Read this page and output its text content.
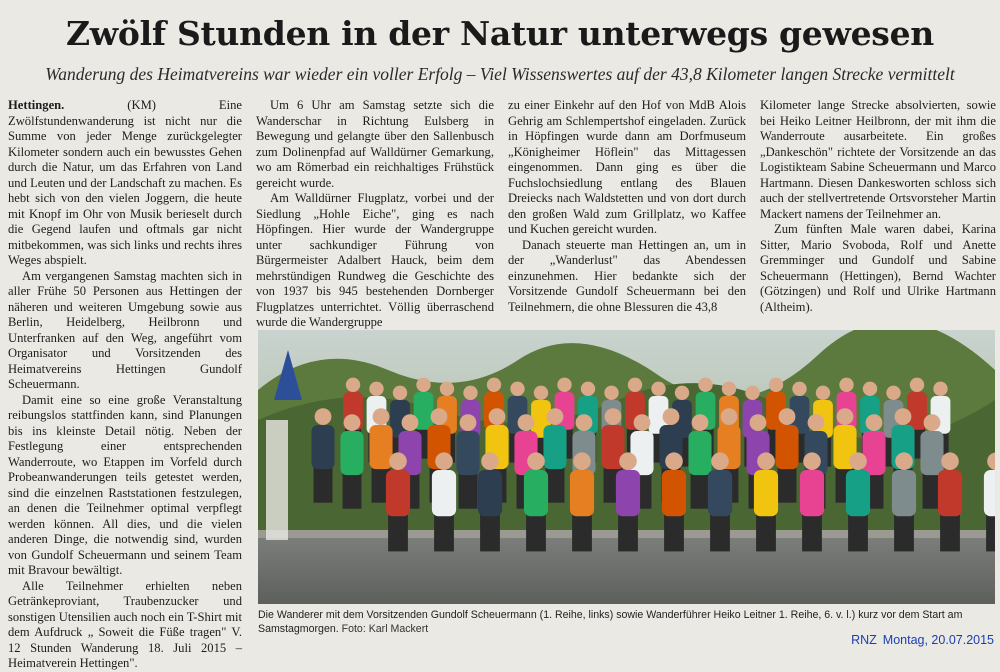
Zwölf Stunden in der Natur unterwegs gewesen
Wanderung des Heimatvereins war wieder ein voller Erfolg – Viel Wissenswertes auf der 43,8 Kilometer langen Strecke vermittelt

Hettingen.	(KM) Eine Zwölfstundenwanderung ist nicht nur die Summe von jeder Menge zurückgelegter Kilometer sondern auch ein bewusstes Gehen durch die Natur, um das Erfahren von Land und Leuten und der Landschaft zu machen. Es hebt sich von den vielen Joggern, die heute mit Knopf im Ohr von Musik berieselt durch die Gegend laufen und oftmals gar nicht mitbekommen, was sich links und rechts ihres Weges abspielt.

Am vergangenen Samstag machten sich in aller Frühe 50 Personen aus Hettingen der näheren und weiteren Umgebung sowie aus Berlin, Heidelberg, Heilbronn und Unterfranken auf den Weg, angeführt vom Organisator und Vorsitzenden des Heimatvereins Hettingen Gundolf Scheuermann.

Damit eine so eine große Veranstaltung reibungslos stattfinden kann, sind Planungen bis ins kleinste Detail nötig. Neben der Festlegung einer entsprechenden Wanderroute, wo Etappen im Vorfeld durch Probeanwanderungen teils getestet werden, sind die einzelnen Raststationen festzulegen, an denen die Teilnehmer optimal verpflegt werden können. All dies, und die vielen anderen Dinge, die notwendig sind, wurden von Gundolf Scheuermann und seinem Team mit Bravour bewältigt.

Alle Teilnehmer erhielten neben Getränkeproviant, Traubenzucker und sonstigen Utensilien auch noch ein T-Shirt mit dem Aufdruck „ Soweit die Füße tragen" V. 12 Stunden Wanderung 18. Juli 2015 – Heimatverein Hettingen".

Um 6 Uhr am Samstag setzte sich die Wanderschar in Richtung Eulsberg in Bewegung und gelangte über den Sallenbusch zum Dolinenpfad auf Walldürner Gemarkung, wo am Römerbad ein reichhaltiges Frühstück gereicht wurde.

Am Walldürner Flugplatz, vorbei und der Siedlung „Hohle Eiche", ging es nach Höpfingen. Hier wurde der Wandergruppe unter sachkundiger Führung von Bürgermeister Adalbert Hauck, beim dem mehrstündigen Rundweg die Geschichte des von 1937 bis 945 bestehenden Dornberger Flugplatzes unterrichtet. Völlig überraschend wurde die Wandergruppe

zu einer Einkehr auf den Hof von MdB Alois Gehrig am Schlempertshof eingeladen. Zurück in Höpfingen wurde dann am Dorfmuseum „Königheimer Höflein" das Mittagessen eingenommen. Dann ging es über die Fuchslochsiedlung entlang des Blauen Dreiecks nach Waldstetten und von dort durch den großen Wald zum Grillplatz, wo Kaffee und Kuchen gereicht wurden.

Danach steuerte man Hettingen an, um in der „Wanderlust" das Abendessen einzunehmen. Hier bedankte sich der Vorsitzende Gundolf Scheuermann bei den Teilnehmern, die ohne Blessuren die 43,8

Kilometer lange Strecke absolvierten, sowie bei Heiko Leitner Heilbronn, der mit ihm die Wanderroute ausarbeitete. Ein großes „Dankeschön" richtete der Vorsitzende an das Logistikteam Sabine Scheuermann und Marco Hartmann. Diesen Dankesworten schloss sich auch der stellvertretende Ortsvorsteher Martin Mackert namens der Teilnehmer an.

Zum fünften Male waren dabei, Karina Sitter, Mario Svoboda, Rolf und Anette Gremminger und Gundolf und Sabine Scheuermann (Hettingen), Bernd Wachter (Götzingen) und Rolf und Ulrike Hartmann (Altheim).

Die Wanderer mit dem Vorsitzenden Gundolf Scheuermann (1. Reihe, links) sowie Wanderführer Heiko Leitner 1. Reihe, 6. v. l.) kurz vor dem Start am Samstagmorgen. Foto: Karl Mackert
RNZ Montag, 20.07.2015
